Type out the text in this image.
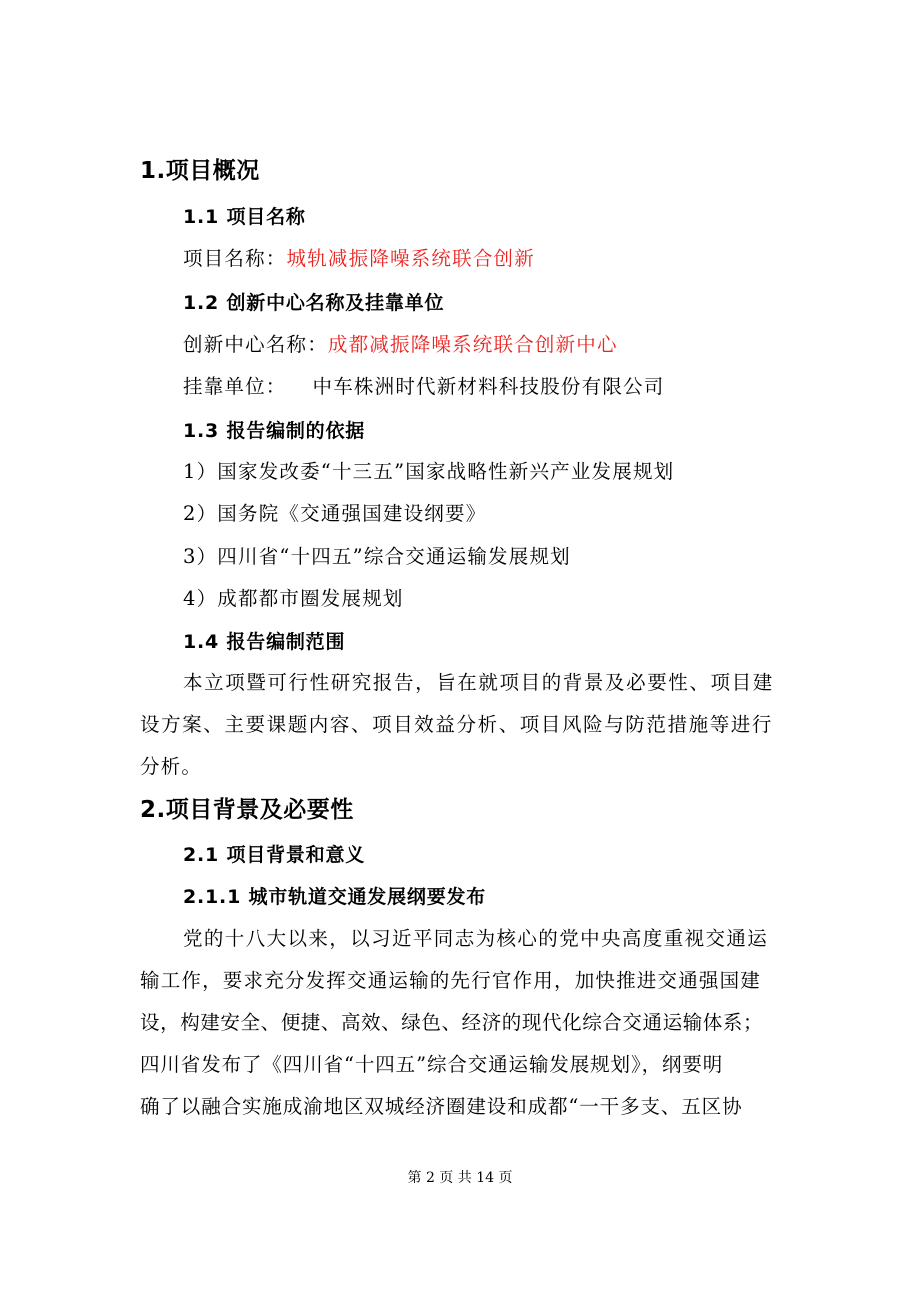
1.项目概况
1.1 项目名称
项目名称：城轨减振降噪系统联合创新
1.2 创新中心名称及挂靠单位
创新中心名称：成都减振降噪系统联合创新中心
挂靠单位： 中车株洲时代新材料科技股份有限公司
1.3 报告编制的依据
1）国家发改委“十三五”国家战略性新兴产业发展规划
2）国务院《交通强国建设纲要》
3）四川省“十四五”综合交通运输发展规划
4）成都都市圈发展规划
1.4 报告编制范围
本立项暨可行性研究报告，旨在就项目的背景及必要性、项目建
设方案、主要课题内容、项目效益分析、项目风险与防范措施等进行
分析。
2.项目背景及必要性
2.1 项目背景和意义
2.1.1 城市轨道交通发展纲要发布
党的十八大以来，以习近平同志为核心的党中央高度重视交通运
输工作，要求充分发挥交通运输的先行官作用，加快推进交通强国建
设，构建安全、便捷、高效、绿色、经济的现代化综合交通运输体系；
四川省发布了《四川省“十四五”综合交通运输发展规划》，纲要明
确了以融合实施成渝地区双城经济圈建设和成都“一干多支、五区协
第 2 页 共 14 页
